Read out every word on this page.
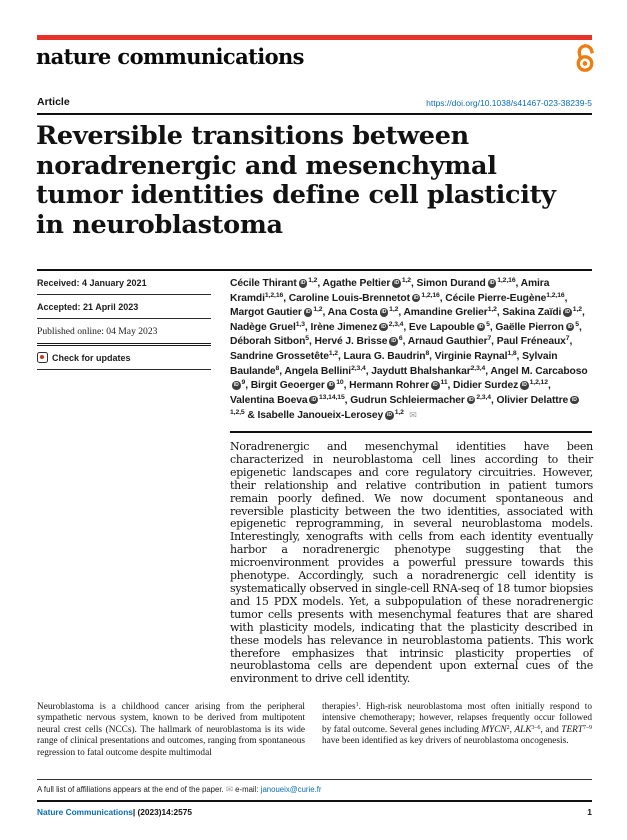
nature communications
Article	https://doi.org/10.1038/s41467-023-38239-5
Reversible transitions between noradrenergic and mesenchymal tumor identities define cell plasticity in neuroblastoma
Received: 4 January 2021
Accepted: 21 April 2023
Published online: 04 May 2023
Check for updates
Cécile Thirant iD $^{1,2}$, Agathe Peltier iD $^{1,2}$, Simon Durand iD $^{1,2,16}$, Amira Kramdi$^{1,2,16}$, Caroline Louis-Brennetot iD $^{1,2,16}$, Cécile Pierre-Eugène$^{1,2,16}$, Margot Gautier iD $^{1,2}$, Ana Costa iD $^{1,2}$, Amandine Grelier$^{1,2}$, Sakina Zaïdi iD $^{1,2}$, Nadège Gruel$^{1,3}$, Irène Jimenez iD $^{2,3,4}$, Eve Lapouble iD $^5$, Gaëlle Pierron iD $^5$, Déborah Sitbon$^5$, Hervé J. Brisse iD $^6$, Arnaud Gauthier$^7$, Paul Fréneaux$^7$, Sandrine Grossetête$^{1,2}$, Laura G. Baudrin$^8$, Virginie Raynal$^{1,8}$, Sylvain Baulande$^8$, Angela Bellini$^{2,3,4}$, Jaydutt Bhalshankar$^{2,3,4}$, Angel M. CarcabosoiD $^9$, Birgit Geoerger iD $^{10}$, Hermann Rohrer iD $^{11}$, Didier Surdez iD $^{1,2,12}$, Valentina Boeva iD $^{13,14,15}$, Gudrun Schleiermacher iD $^{2,3,4}$, Olivier Delattre iD$^{1,2,5}$ & Isabelle Janoueix-Lerosey iD $^{1,2}$ ✉

Noradrenergic and mesenchymal identities have been characterized in neuroblastoma cell lines according to their epigenetic landscapes and core regulatory circuitries. However, their relationship and relative contribution in patient tumors remain poorly defined. We now document spontaneous and reversible plasticity between the two identities, associated with epigenetic reprogramming, in several neuroblastoma models. Interestingly, xenografts with cells from each identity eventually harbor a noradrenergic phenotype suggesting that the microenvironment provides a powerful pressure towards this phenotype. Accordingly, such a noradrenergic cell identity is systematically observed in single-cell RNA-seq of 18 tumor biopsies and 15 PDX models. Yet, a subpopulation of these noradrenergic tumor cells presents with mesenchymal features that are shared with plasticity models, indicating that the plasticity described in these models has relevance in neuroblastoma patients. This work therefore emphasizes that intrinsic plasticity properties of neuroblastoma cells are dependent upon external cues of the environment to drive cell identity.

Neuroblastoma is a childhood cancer arising from the peripheral sympathetic nervous system, known to be derived from multipotent neural crest cells (NCCs). The hallmark of neuroblastoma is its wide range of clinical presentations and outcomes, ranging from spontaneous regression to fatal outcome despite multimodal

therapies$^1$. High-risk neuroblastoma most often initially respond to intensive chemotherapy; however, relapses frequently occur followed by fatal outcome. Several genes including MYCN$^2$, ALK$^{3-6}$, and TERT$^{7-9}$ have been identified as key drivers of neuroblastoma oncogenesis.

A full list of affiliations appears at the end of the paper. ✉ e-mail: janoueix@curie.fr
Nature Communications| (2023)14:2575	1
